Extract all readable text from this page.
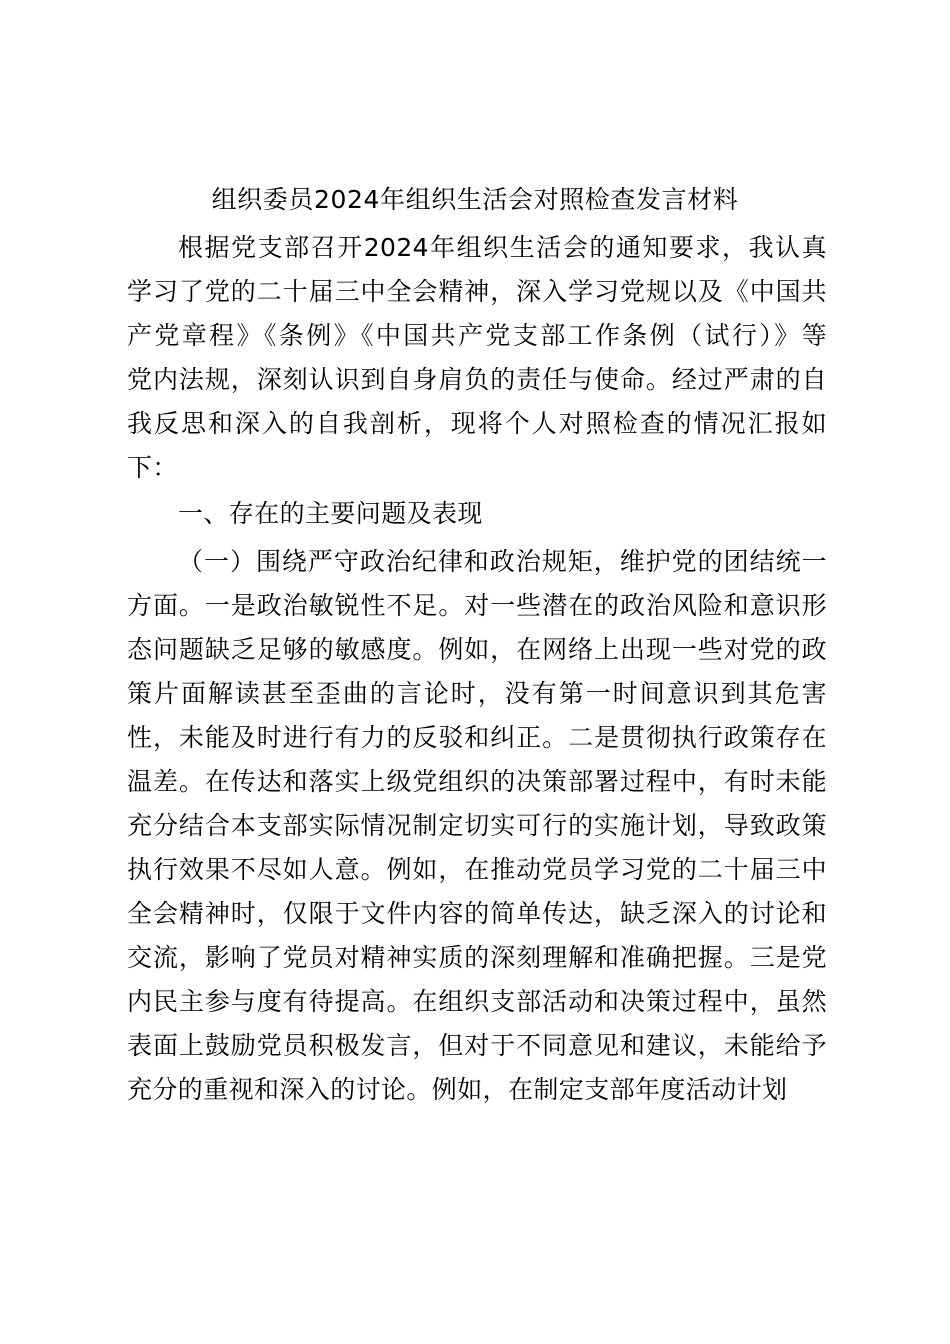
组织委员2024年组织生活会对照检查发言材料
根据党支部召开2024年组织生活会的通知要求，我认真
学习了党的二十届三中全会精神，深入学习党规以及《中国共
产党章程》《条例》《中国共产党支部工作条例（试行）》等
党内法规，深刻认识到自身肩负的责任与使命。经过严肃的自
我反思和深入的自我剖析，现将个人对照检查的情况汇报如
下：
一、存在的主要问题及表现
（一）围绕严守政治纪律和政治规矩，维护党的团结统一
方面。一是政治敏锐性不足。对一些潜在的政治风险和意识形
态问题缺乏足够的敏感度。例如，在网络上出现一些对党的政
策片面解读甚至歪曲的言论时，没有第一时间意识到其危害
性，未能及时进行有力的反驳和纠正。二是贯彻执行政策存在
温差。在传达和落实上级党组织的决策部署过程中，有时未能
充分结合本支部实际情况制定切实可行的实施计划，导致政策
执行效果不尽如人意。例如，在推动党员学习党的二十届三中
全会精神时，仅限于文件内容的简单传达，缺乏深入的讨论和
交流，影响了党员对精神实质的深刻理解和准确把握。三是党
内民主参与度有待提高。在组织支部活动和决策过程中，虽然
表面上鼓励党员积极发言，但对于不同意见和建议，未能给予
充分的重视和深入的讨论。例如，在制定支部年度活动计划
